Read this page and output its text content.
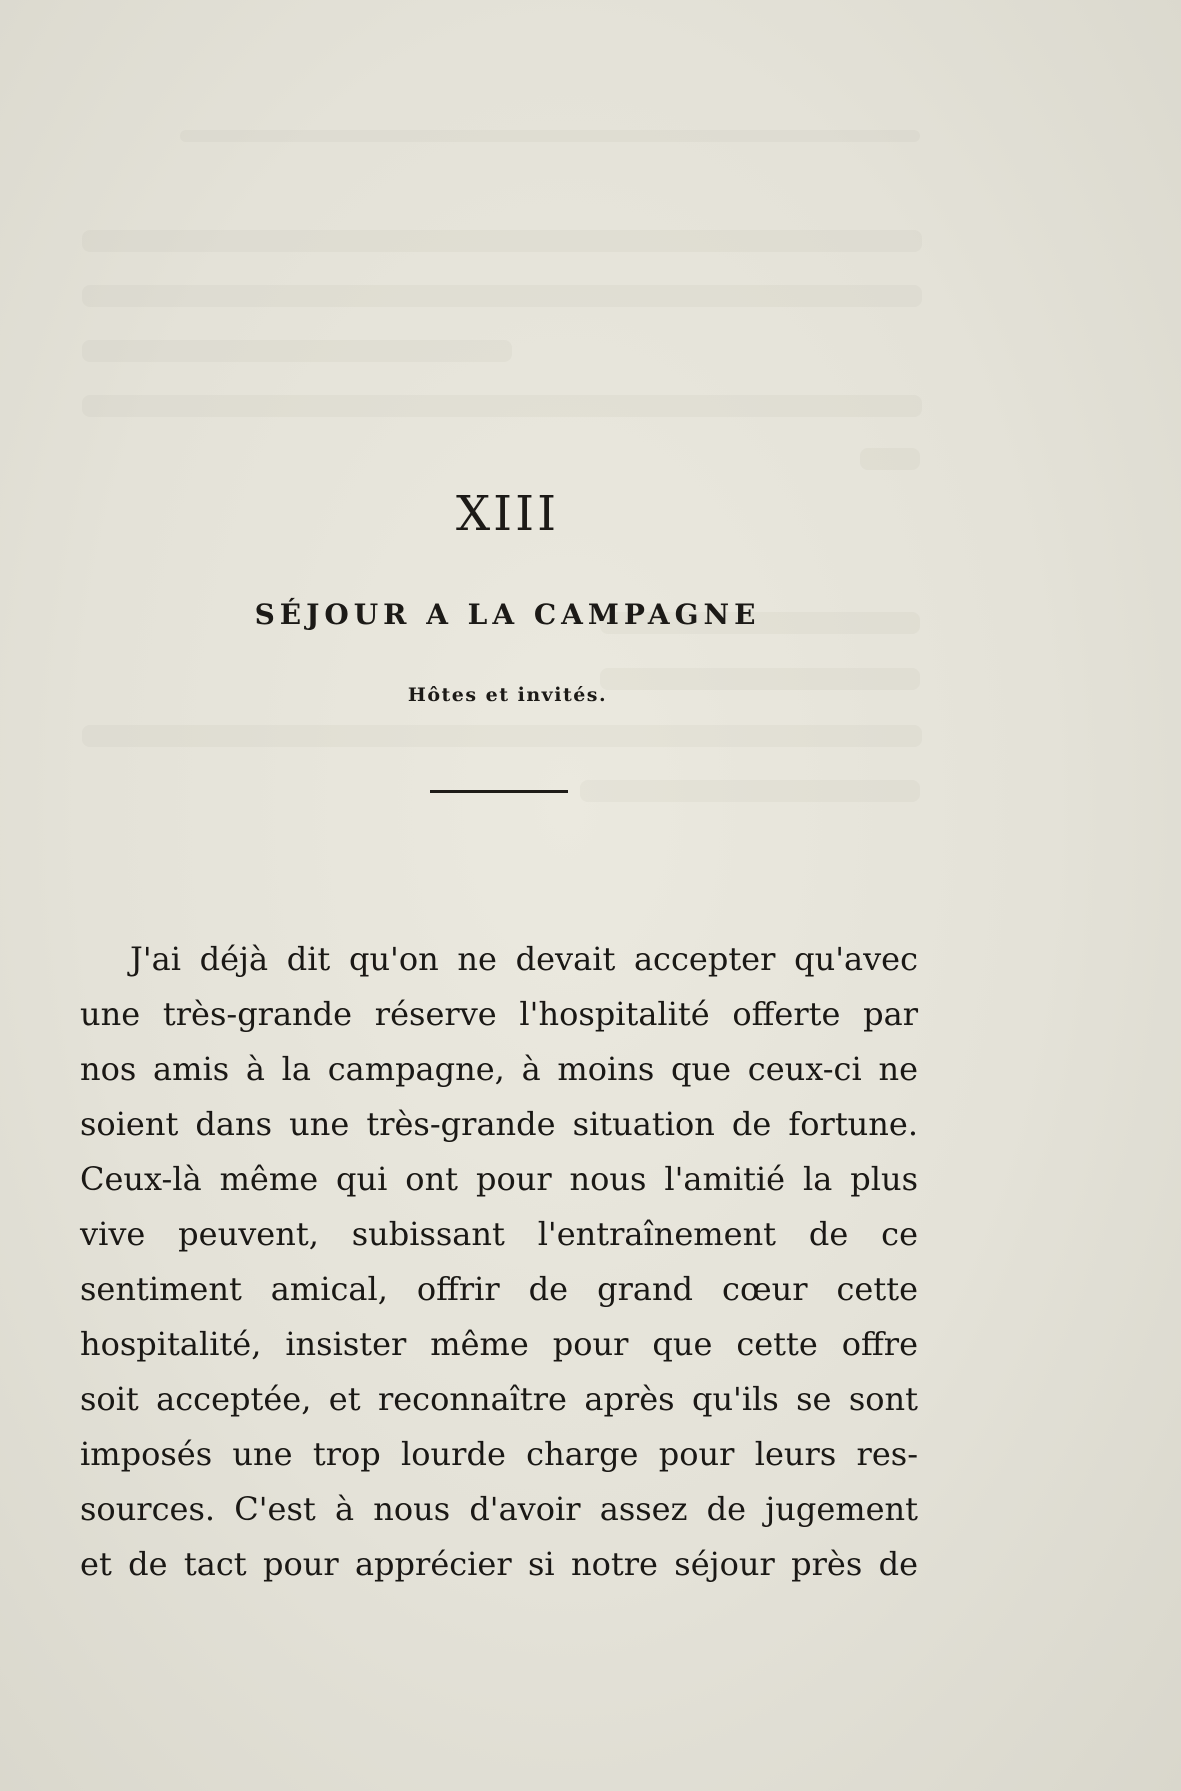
XIII
SÉJOUR A LA CAMPAGNE
Hôtes et invités.
J'ai déjà dit qu'on ne devait accepter qu'avec
une très-grande réserve l'hospitalité offerte par
nos amis à la campagne, à moins que ceux-ci ne
soient dans une très-grande situation de fortune.
Ceux-là même qui ont pour nous l'amitié la plus
vive peuvent, subissant l'entraînement de ce
sentiment amical, offrir de grand cœur cette
hospitalité, insister même pour que cette offre
soit acceptée, et reconnaître après qu'ils se sont
imposés une trop lourde charge pour leurs res-
sources. C'est à nous d'avoir assez de jugement
et de tact pour apprécier si notre séjour près de
